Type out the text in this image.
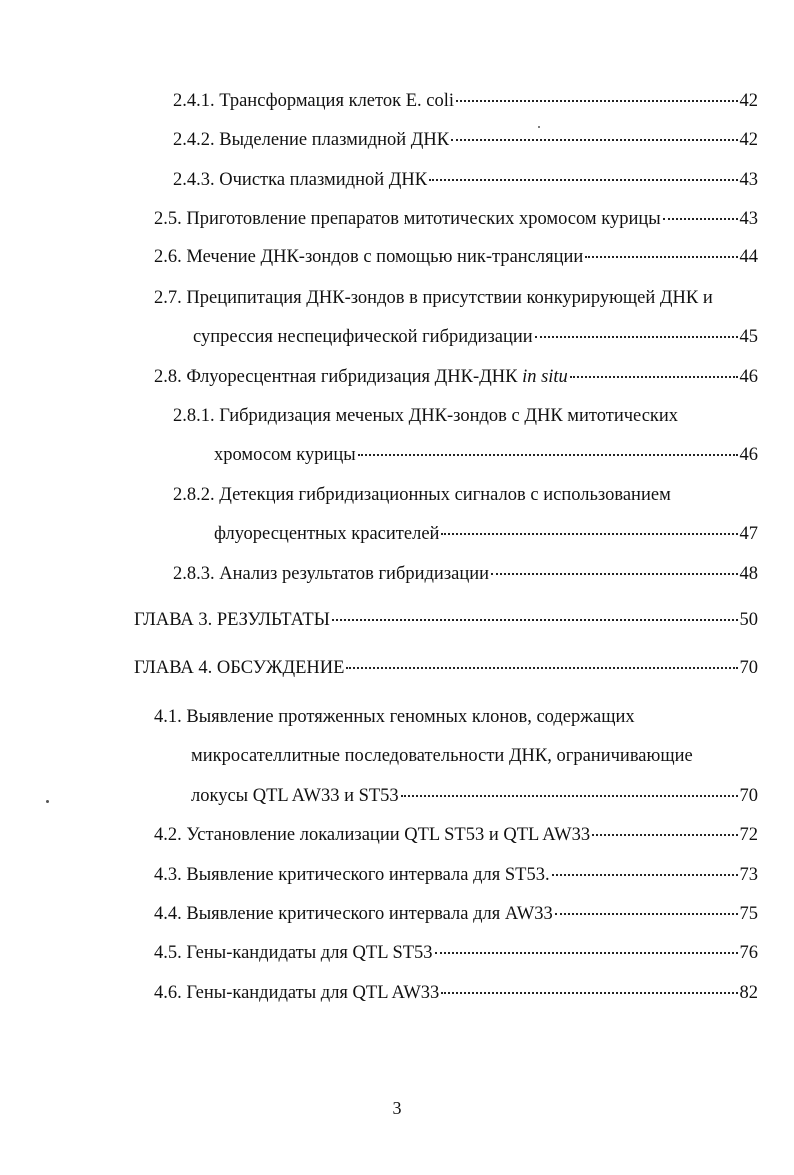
2.4.1. Трансформация клеток E. coli	42
2.4.2. Выделение плазмидной ДНК	42
2.4.3. Очистка плазмидной ДНК	43
2.5. Приготовление препаратов митотических хромосом курицы	43
2.6. Мечение ДНК-зондов с помощью ник-трансляции	44
2.7. Преципитация ДНК-зондов в присутствии конкурирующей ДНК и
супрессия неспецифической гибридизации	45
2.8. Флуоресцентная гибридизация ДНК-ДНК in situ	46
2.8.1. Гибридизация меченых ДНК-зондов с ДНК митотических
хромосом курицы	46
2.8.2. Детекция гибридизационных сигналов с использованием
флуоресцентных красителей	47
2.8.3. Анализ результатов гибридизации	48
ГЛАВА 3. РЕЗУЛЬТАТЫ	50
ГЛАВА 4. ОБСУЖДЕНИЕ	70
4.1. Выявление протяженных геномных клонов, содержащих
микросателлитные последовательности ДНК, ограничивающие
локусы QTL AW33 и ST53	70
4.2. Установление локализации QTL ST53 и QTL AW33	72
4.3. Выявление критического интервала для ST53.	73
4.4. Выявление критического интервала для AW33	75
4.5. Гены-кандидаты для QTL ST53	76
4.6. Гены-кандидаты для QTL AW33	82
3
